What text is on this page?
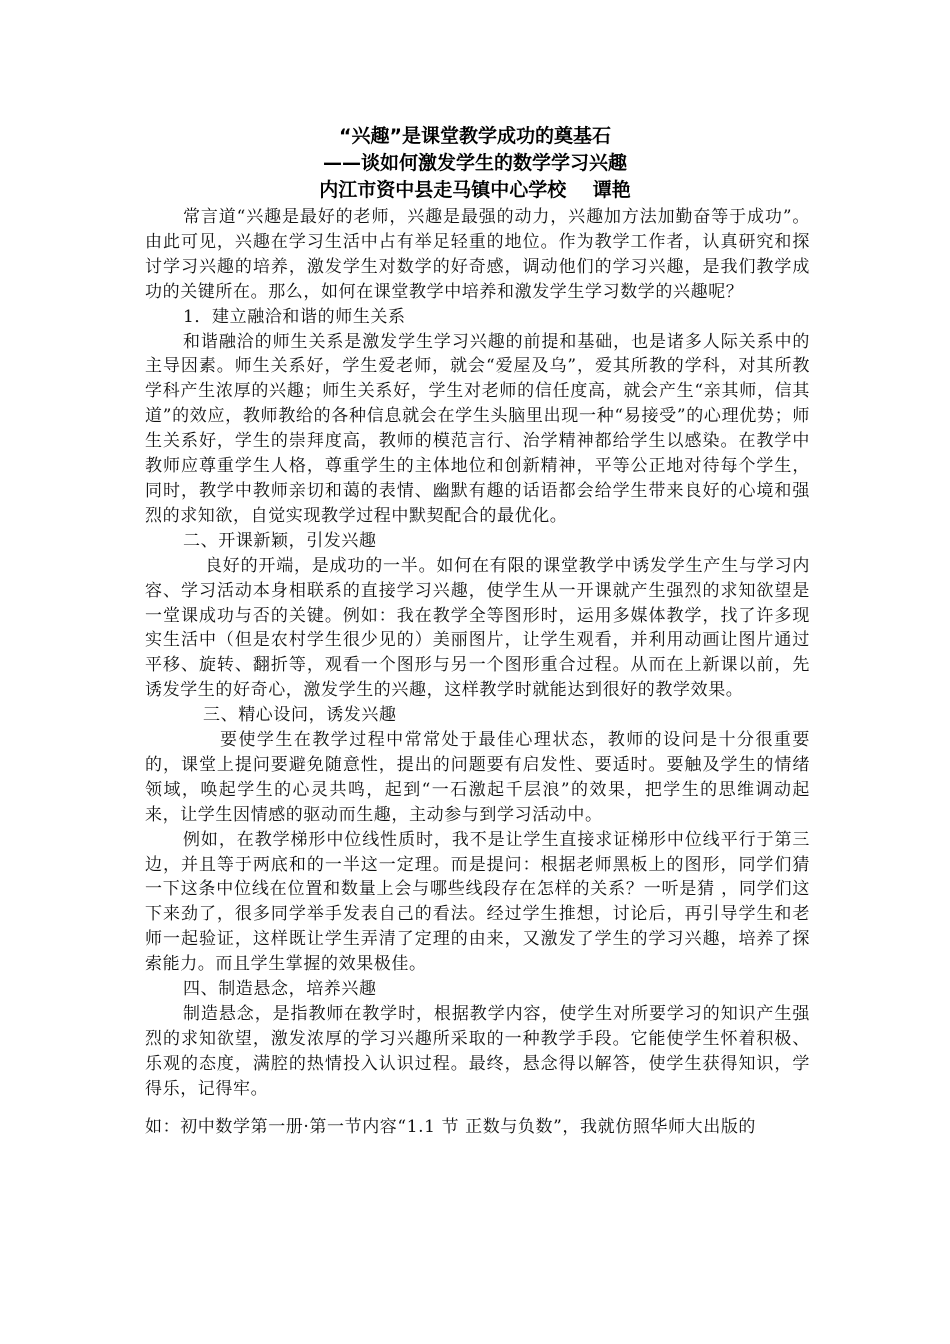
“兴趣”是课堂教学成功的奠基石
——谈如何激发学生的数学学习兴趣
内江市资中县走马镇中心学校    谭艳

常言道“兴趣是最好的老师，兴趣是最强的动力，兴趣加方法加勤奋等于成功”。由此可见，兴趣在学习生活中占有举足轻重的地位。作为教学工作者，认真研究和探讨学习兴趣的培养，激发学生对数学的好奇感，调动他们的学习兴趣，是我们教学成功的关键所在。那么，如何在课堂教学中培养和激发学生学习数学的兴趣呢？

1．建立融洽和谐的师生关系

和谐融洽的师生关系是激发学生学习兴趣的前提和基础，也是诸多人际关系中的主导因素。师生关系好，学生爱老师，就会“爱屋及乌”，爱其所教的学科，对其所教学科产生浓厚的兴趣；师生关系好，学生对老师的信任度高，就会产生“亲其师，信其道”的效应，教师教给的各种信息就会在学生头脑里出现一种“易接受”的心理优势；师生关系好，学生的崇拜度高，教师的模范言行、治学精神都给学生以感染。在教学中教师应尊重学生人格，尊重学生的主体地位和创新精神，平等公正地对待每个学生，同时，教学中教师亲切和蔼的表情、幽默有趣的话语都会给学生带来良好的心境和强烈的求知欲，自觉实现教学过程中默契配合的最优化。

二、开课新颖，引发兴趣

良好的开端，是成功的一半。如何在有限的课堂教学中诱发学生产生与学习内容、学习活动本身相联系的直接学习兴趣，使学生从一开课就产生强烈的求知欲望是一堂课成功与否的关键。例如：我在教学全等图形时，运用多媒体教学，找了许多现实生活中（但是农村学生很少见的）美丽图片，让学生观看，并利用动画让图片通过平移、旋转、翻折等，观看一个图形与另一个图形重合过程。从而在上新课以前，先诱发学生的好奇心，激发学生的兴趣，这样教学时就能达到很好的教学效果。

三、精心设问，诱发兴趣

要使学生在教学过程中常常处于最佳心理状态，教师的设问是十分很重要的，课堂上提问要避免随意性，提出的问题要有启发性、要适时。要触及学生的情绪领域，唤起学生的心灵共鸣，起到“一石激起千层浪”的效果，把学生的思维调动起来，让学生因情感的驱动而生趣，主动参与到学习活动中。

例如，在教学梯形中位线性质时，我不是让学生直接求证梯形中位线平行于第三边，并且等于两底和的一半这一定理。而是提问：根据老师黑板上的图形，同学们猜一下这条中位线在位置和数量上会与哪些线段存在怎样的关系？一听是猜 ，同学们这下来劲了，很多同学举手发表自己的看法。经过学生推想，讨论后，再引导学生和老师一起验证，这样既让学生弄清了定理的由来，又激发了学生的学习兴趣，培养了探索能力。而且学生掌握的效果极佳。

四、制造悬念，培养兴趣

制造悬念，是指教师在教学时，根据教学内容，使学生对所要学习的知识产生强烈的求知欲望，激发浓厚的学习兴趣所采取的一种教学手段。它能使学生怀着积极、乐观的态度，满腔的热情投入认识过程。最终，悬念得以解答，使学生获得知识，学得乐，记得牢。

如：初中数学第一册·第一节内容“1.1 节 正数与负数”，我就仿照华师大出版的
